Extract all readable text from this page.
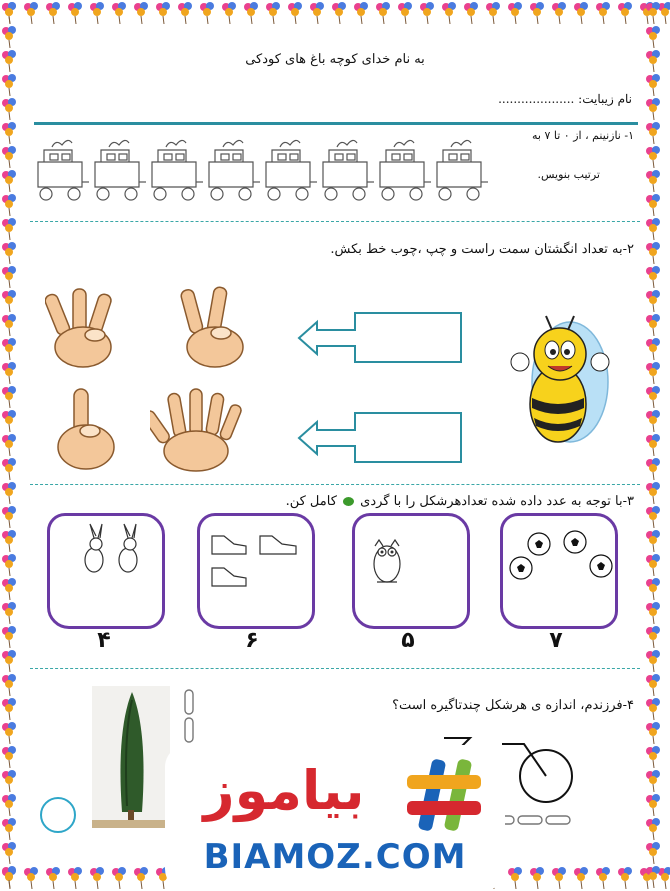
به نام خدای کوچه باغ های کودکی
نام زیبایت: ....................
۱- نازنینم ، از ۰ تا ۷ به
ترتیب بنویس.
۲-به تعداد انگشتان سمت راست و چپ ،چوب خط بکش.
۳-با توجه به عدد داده شده تعدادهرشکل را با گردی  کامل کن.
۷
۵
۶
۴
۴-فرزندم، اندازه ی هرشکل چندتاگیره است؟
بیاموز
BIAMOZ.COM
